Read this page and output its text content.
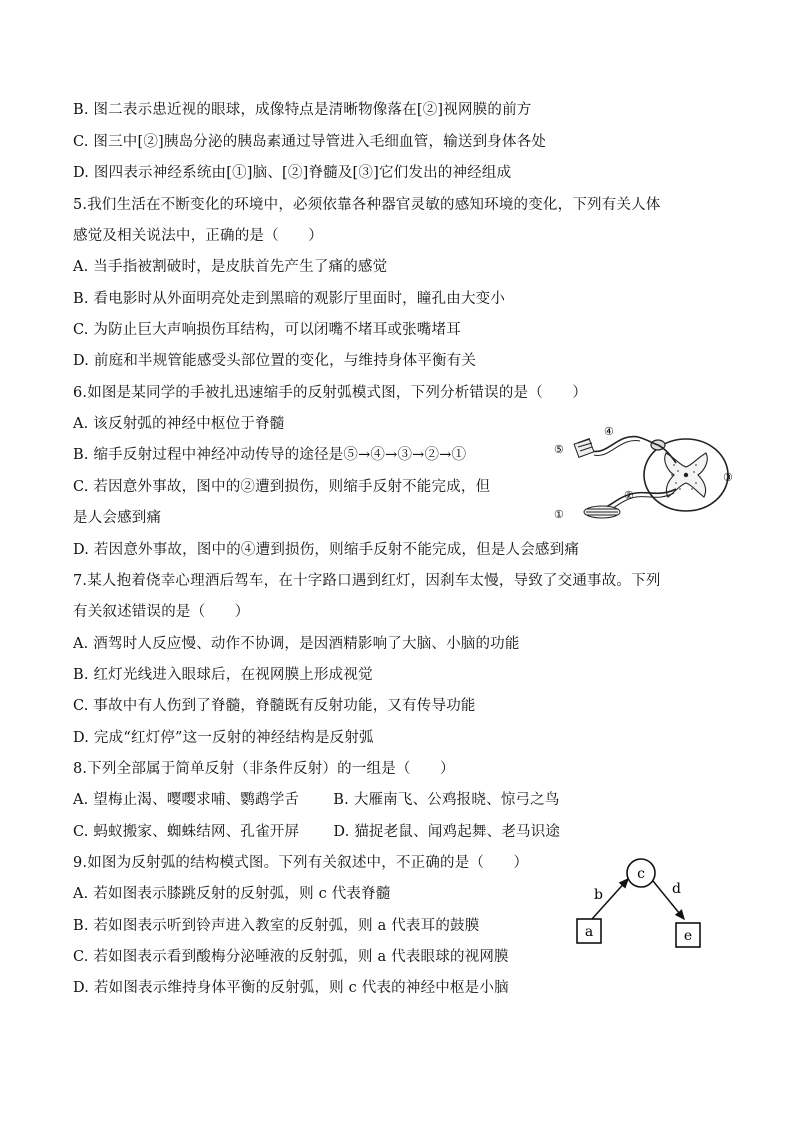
B. 图二表示患近视的眼球，成像特点是清晰物像落在[②]视网膜的前方
C. 图三中[②]胰岛分泌的胰岛素通过导管进入毛细血管，输送到身体各处
D. 图四表示神经系统由[①]脑、[②]脊髓及[③]它们发出的神经组成
5.我们生活在不断变化的环境中，必须依靠各种器官灵敏的感知环境的变化，下列有关人体
感觉及相关说法中，正确的是（　　）
A. 当手指被割破时，是皮肤首先产生了痛的感觉
B. 看电影时从外面明亮处走到黑暗的观影厅里面时，瞳孔由大变小
C. 为防止巨大声响损伤耳结构，可以闭嘴不堵耳或张嘴堵耳
D. 前庭和半规管能感受头部位置的变化，与维持身体平衡有关
6.如图是某同学的手被扎迅速缩手的反射弧模式图，下列分析错误的是（　　）
A. 该反射弧的神经中枢位于脊髓
B. 缩手反射过程中神经冲动传导的途径是⑤→④→③→②→①
C. 若因意外事故，图中的②遭到损伤，则缩手反射不能完成，但
是人会感到痛
D. 若因意外事故，图中的④遭到损伤，则缩手反射不能完成，但是人会感到痛
⑤
④
③
②
①
7.某人抱着侥幸心理酒后驾车，在十字路口遇到红灯，因刹车太慢，导致了交通事故。下列
有关叙述错误的是（　　）
A. 酒驾时人反应慢、动作不协调，是因酒精影响了大脑、小脑的功能
B. 红灯光线进入眼球后，在视网膜上形成视觉
C. 事故中有人伤到了脊髓，脊髓既有反射功能，又有传导功能
D. 完成“红灯停”这一反射的神经结构是反射弧
8.下列全部属于简单反射（非条件反射）的一组是（　　）
A. 望梅止渴、嘤嘤求哺、鹦鹉学舌　　 B. 大雁南飞、公鸡报晓、惊弓之鸟
C. 蚂蚁搬家、蜘蛛结网、孔雀开屏　　 D. 猫捉老鼠、闻鸡起舞、老马识途
9.如图为反射弧的结构模式图。下列有关叙述中，不正确的是（　　）
A. 若如图表示膝跳反射的反射弧，则 c 代表脊髓
B. 若如图表示听到铃声进入教室的反射弧，则 a 代表耳的鼓膜
C. 若如图表示看到酸梅分泌唾液的反射弧，则 a 代表眼球的视网膜
D. 若如图表示维持身体平衡的反射弧，则 c 代表的神经中枢是小脑
a
c
e
b	d
